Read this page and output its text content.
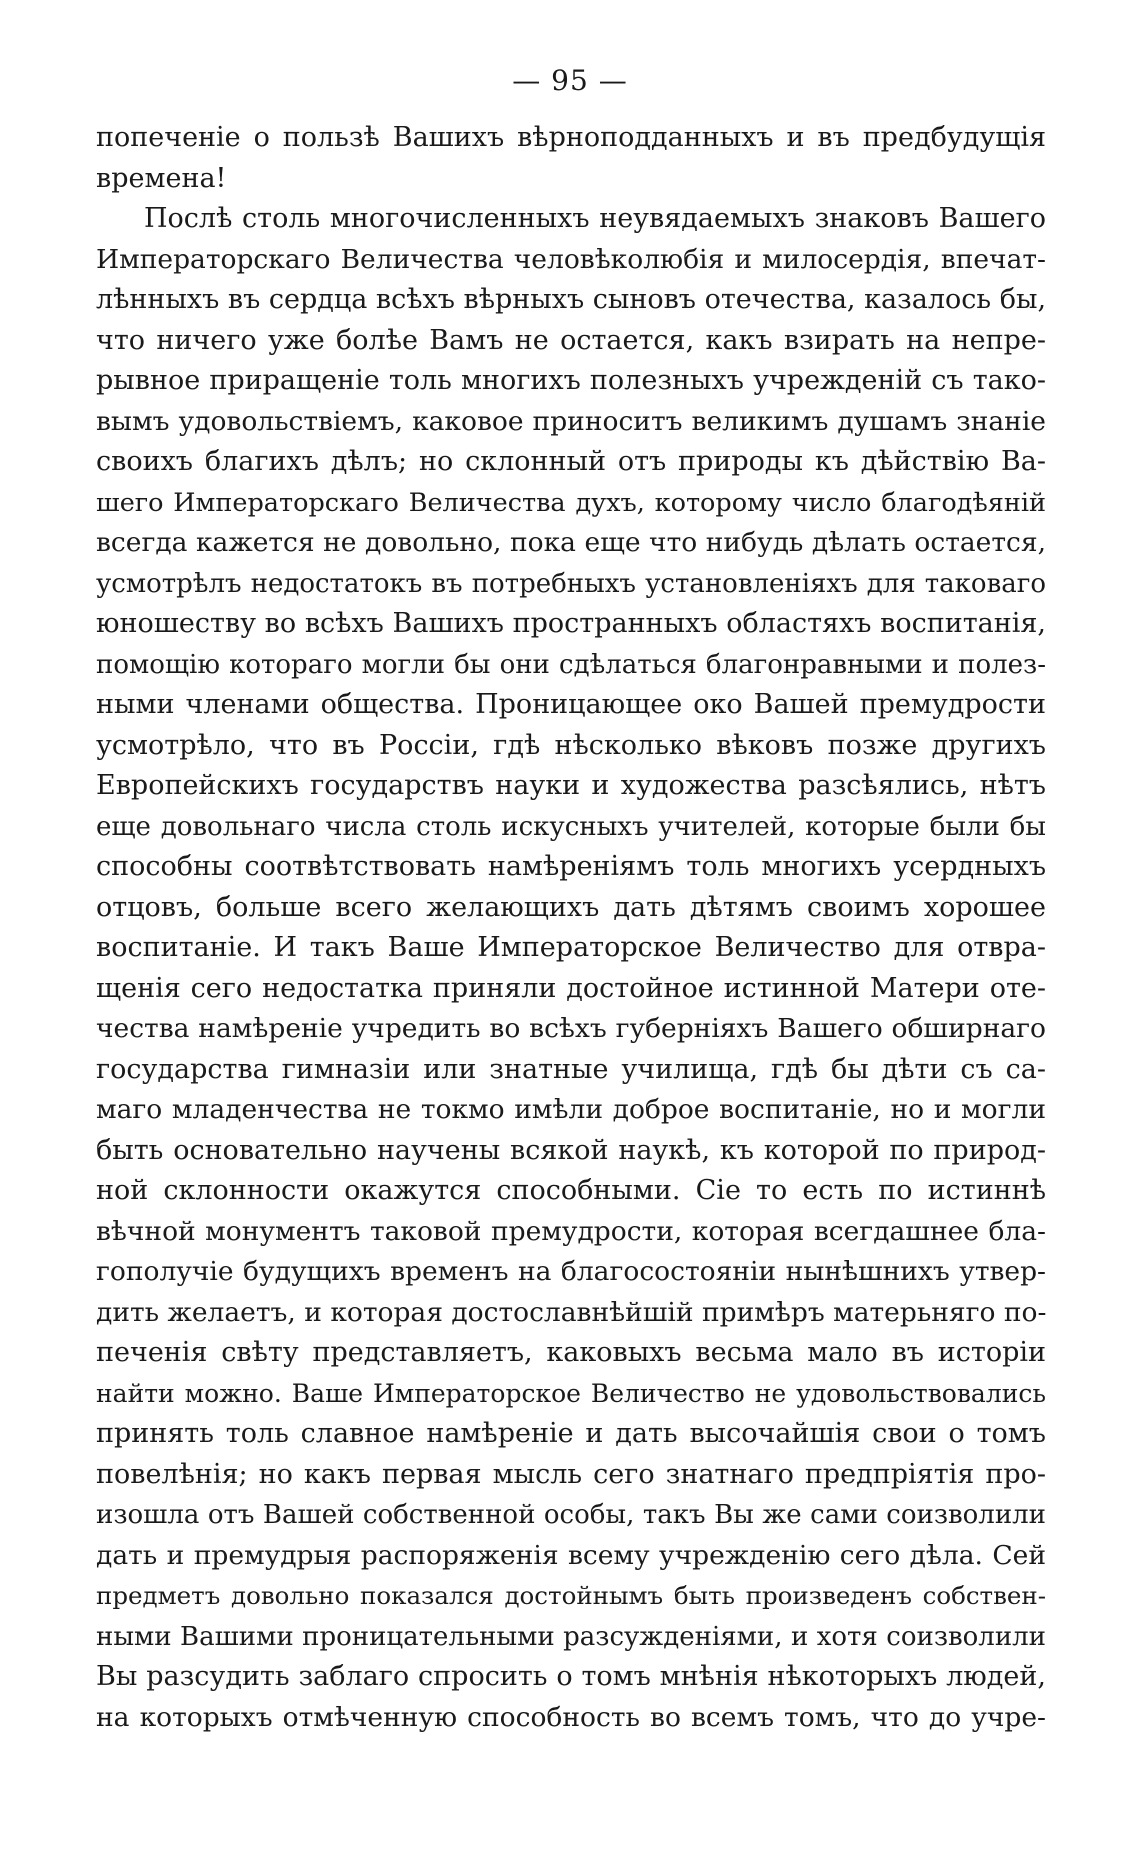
— 95 —
попеченіе о пользѣ Вашихъ вѣрноподданныхъ и въ предбудущія
времена!
Послѣ столь многочисленныхъ неувядаемыхъ знаковъ Вашего
Императорскаго Величества человѣколюбія и милосердія, впечат-
лѣнныхъ въ сердца всѣхъ вѣрныхъ сыновъ отечества, казалось бы,
что ничего уже болѣе Вамъ не остается, какъ взирать на непре-
рывное приращеніе толь многихъ полезныхъ учрежденій съ тако-
вымъ удовольствіемъ, каковое приноситъ великимъ душамъ знаніе
своихъ благихъ дѣлъ; но склонный отъ природы къ дѣйствію Ва-
шего Императорскаго Величества духъ, которому число благодѣяній
всегда кажется не довольно, пока еще что нибудь дѣлать остается,
усмотрѣлъ недостатокъ въ потребныхъ установленіяхъ для таковаго
юношеству во всѣхъ Вашихъ пространныхъ областяхъ воспитанія,
помощію котораго могли бы они сдѣлаться благонравными и полез-
ными членами общества. Проницающее око Вашей премудрости
усмотрѣло, что въ Россіи, гдѣ нѣсколько вѣковъ позже другихъ
Европейскихъ государствъ науки и художества разсѣялись, нѣтъ
еще довольнаго числа столь искусныхъ учителей, которые были бы
способны соотвѣтствовать намѣреніямъ толь многихъ усердныхъ
отцовъ, больше всего желающихъ дать дѣтямъ своимъ хорошее
воспитаніе. И такъ Ваше Императорское Величество для отвра-
щенія сего недостатка приняли достойное истинной Матери оте-
чества намѣреніе учредить во всѣхъ губерніяхъ Вашего обширнаго
государства гимназіи или знатные училища, гдѣ бы дѣти съ са-
маго младенчества не токмо имѣли доброе воспитаніе, но и могли
быть основательно научены всякой наукѣ, къ которой по природ-
ной склонности окажутся способными. Сіе то есть по истиннѣ
вѣчной монументъ таковой премудрости, которая всегдашнее бла-
гополучіе будущихъ временъ на благосостояніи нынѣшнихъ утвер-
дить желаетъ, и которая достославнѣйшій примѣръ матерьняго по-
печенія свѣту представляетъ, каковыхъ весьма мало въ исторіи
найти можно. Ваше Императорское Величество не удовольствовались
принять толь славное намѣреніе и дать высочайшія свои о томъ
повелѣнія; но какъ первая мысль сего знатнаго предпріятія про-
изошла отъ Вашей собственной особы, такъ Вы же сами соизволили
дать и премудрыя распоряженія всему учрежденію сего дѣла. Сей
предметъ довольно показался достойнымъ быть произведенъ собствен-
ными Вашими проницательными разсужденіями, и хотя соизволили
Вы разсудить заблаго спросить о томъ мнѣнія нѣкоторыхъ людей,
на которыхъ отмѣченную способность во всемъ томъ, что до учре-
